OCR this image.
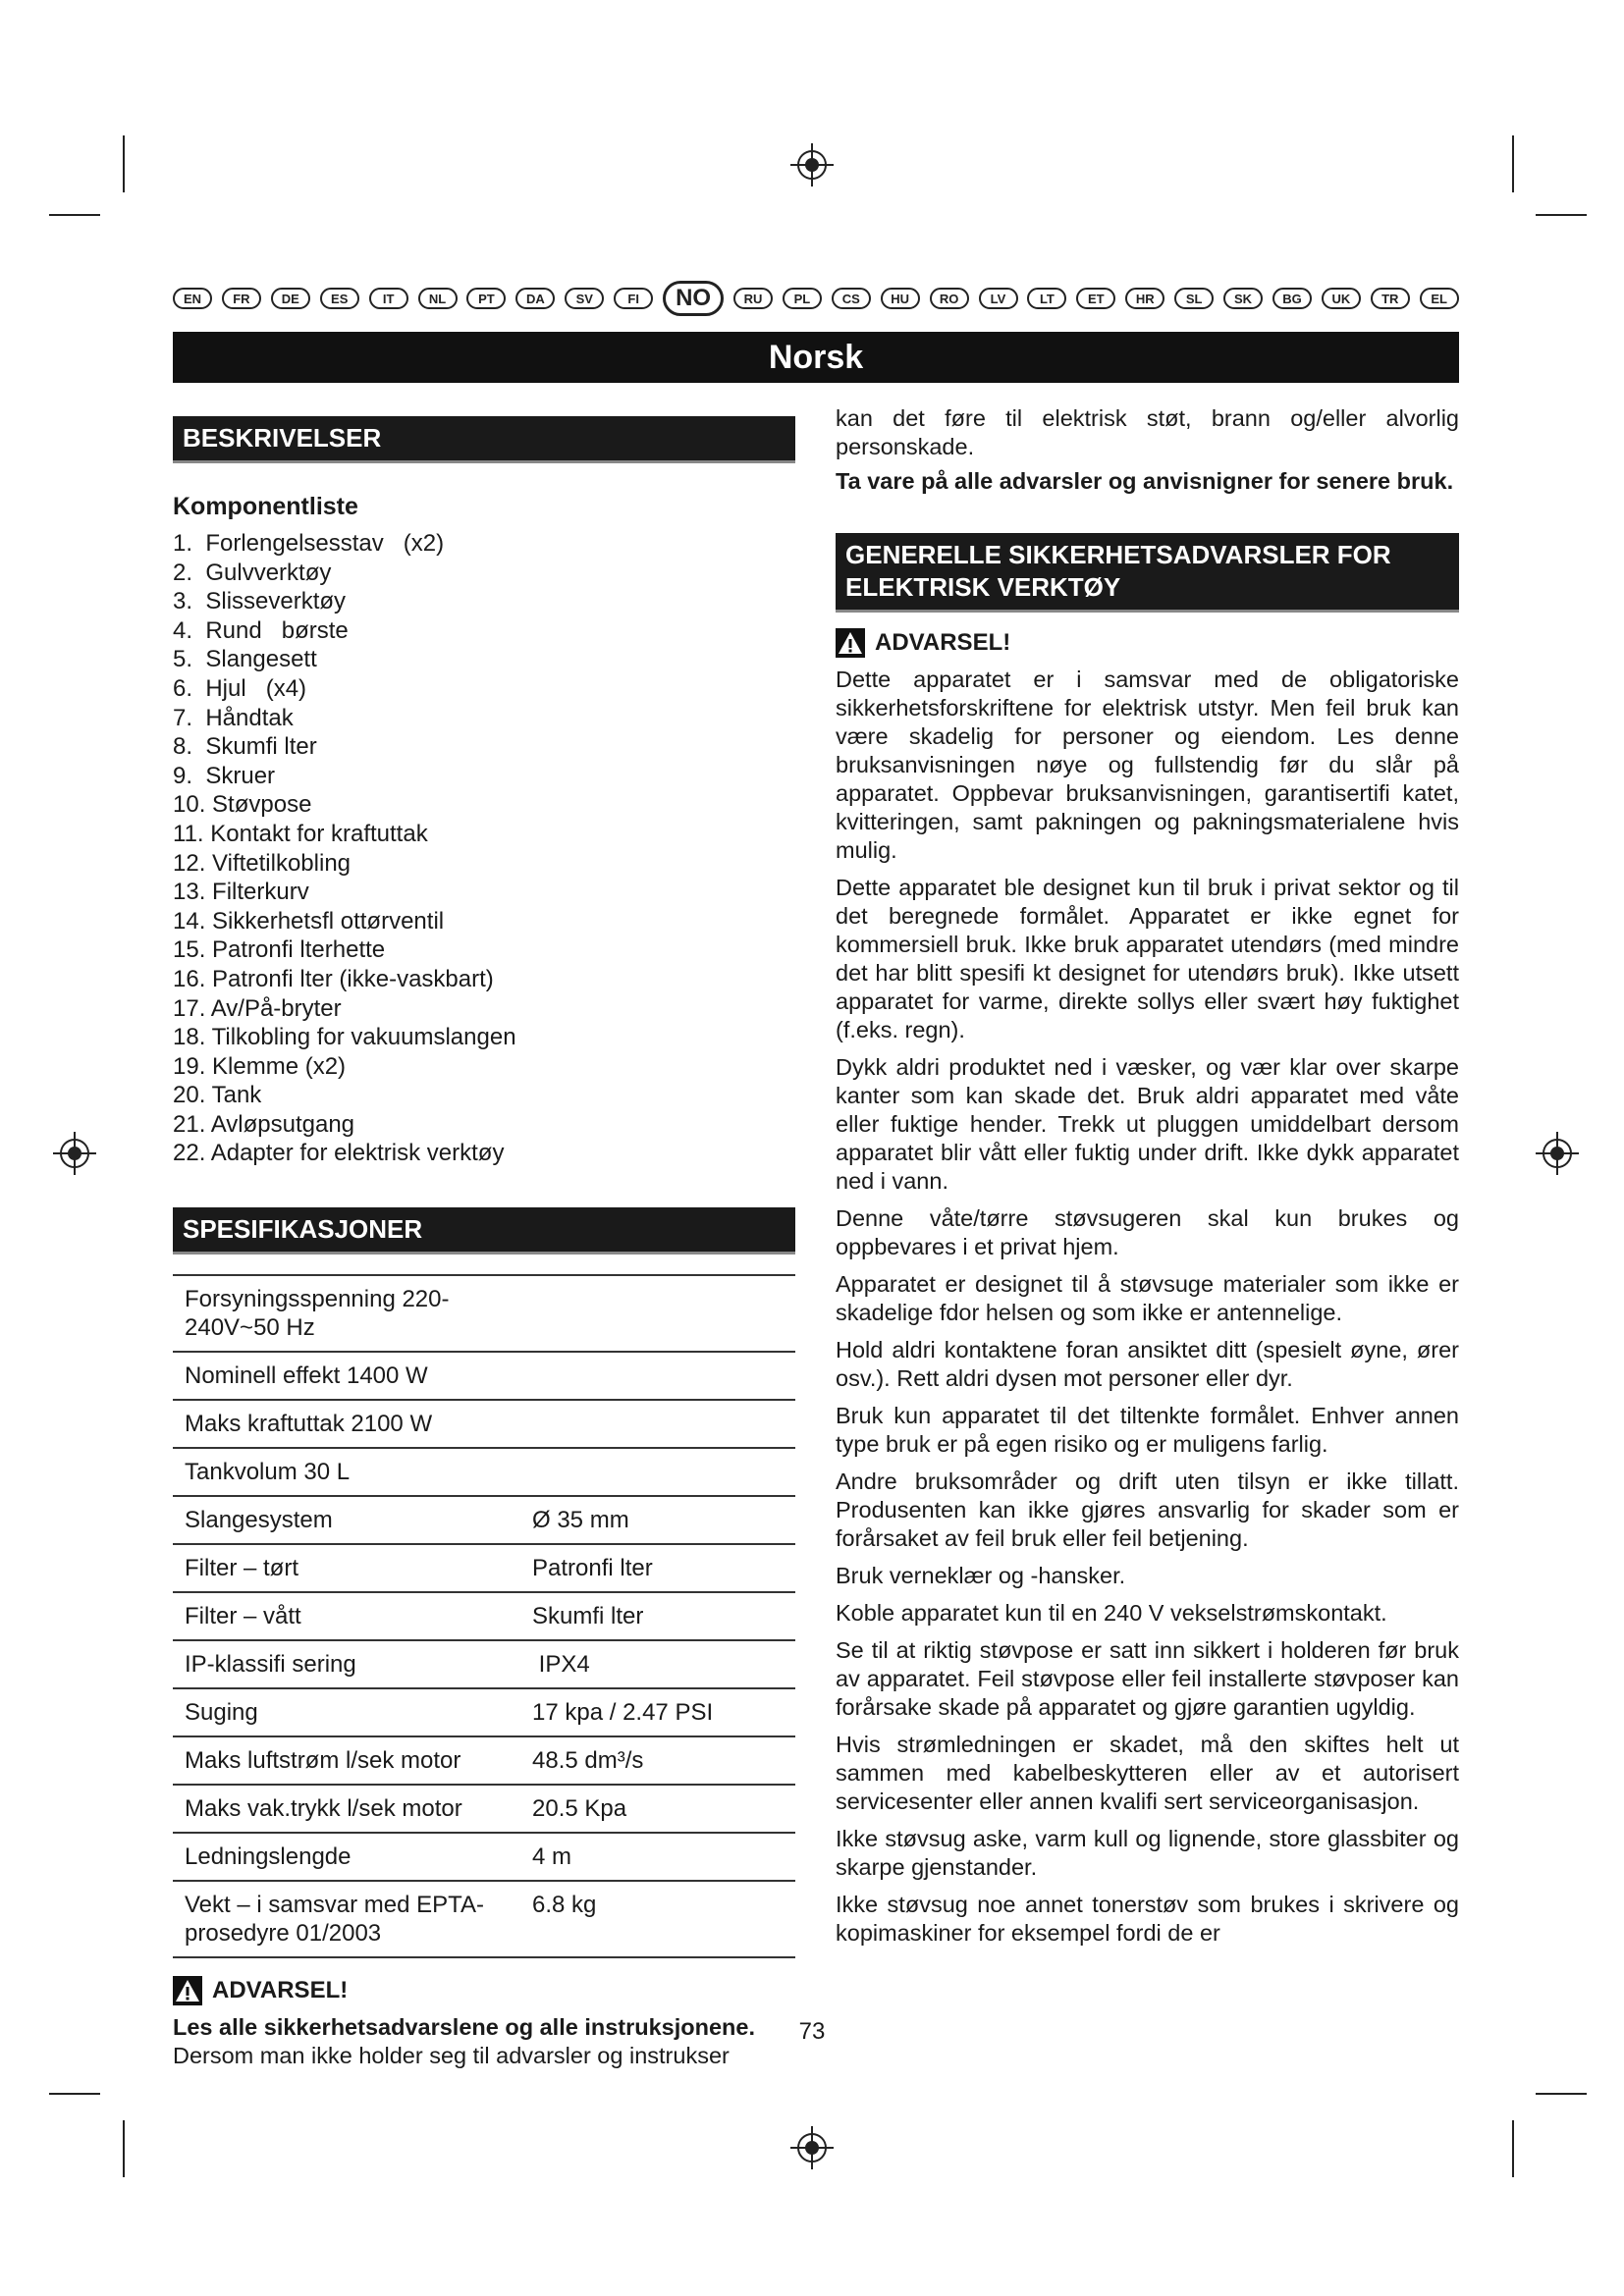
EN	FR	DE	ES	IT	NL	PT	DA	SV	FI	NO	RU	PL	CS	HU	RO	LV	LT	ET	HR	SL	SK	BG	UK	TR	EL
Norsk
BESKRIVELSER
Komponentliste
1.  Forlengelsesstav   (x2)
2.  Gulvverktøy
3.  Slisseverktøy
4.  Rund   børste
5.  Slangesett
6.  Hjul   (x4)
7.  Håndtak
8.  Skumfi lter
9.  Skruer
10. Støvpose
11. Kontakt for kraftuttak
12. Viftetilkobling
13. Filterkurv
14. Sikkerhetsfl ottørventil
15. Patronfi lterhette
16. Patronfi lter (ikke-vaskbart)
17. Av/På-bryter
18. Tilkobling for vakuumslangen
19. Klemme (x2)
20. Tank
21. Avløpsutgang
22. Adapter for elektrisk verktøy
SPESIFIKASJONER
Forsyningsspenning 220-240V~50 Hz	
Nominell effekt 1400 W	
Maks kraftuttak 2100 W	
Tankvolum 30 L	
Slangesystem	Ø 35 mm
Filter – tørt	Patronfi lter
Filter – vått	Skumfi lter
IP-klassifi sering	IPX4
Suging	17 kpa / 2.47 PSI
Maks luftstrøm l/sek motor	48.5 dm³/s
Maks vak.trykk l/sek motor	20.5 Kpa
Ledningslengde	4 m
Vekt – i samsvar med EPTA-prosedyre 01/2003	6.8 kg
ADVARSEL!

Les alle sikkerhetsadvarslene og alle instruksjonene.

Dersom man ikke holder seg til advarsler og instrukser

kan det føre til elektrisk støt, brann og/eller alvorlig personskade.

Ta vare på alle advarsler og anvisnigner for senere bruk.

GENERELLE SIKKERHETSADVARSLER FOR ELEKTRISK VERKTØY
ADVARSEL!

Dette apparatet er i samsvar med de obligatoriske sikkerhetsforskriftene for elektrisk utstyr. Men feil bruk kan være skadelig for personer og eiendom. Les denne bruksanvisningen nøye og fullstendig før du slår på apparatet. Oppbevar bruksanvisningen, garantisertifi katet, kvitteringen, samt pakningen og pakningsmaterialene hvis mulig.

Dette apparatet ble designet kun til bruk i privat sektor og til det beregnede formålet. Apparatet er ikke egnet for kommersiell bruk. Ikke bruk apparatet utendørs (med mindre det har blitt spesifi kt designet for utendørs bruk). Ikke utsett apparatet for varme, direkte sollys eller svært høy fuktighet (f.eks. regn).

Dykk aldri produktet ned i væsker, og vær klar over skarpe kanter som kan skade det. Bruk aldri apparatet med våte eller fuktige hender. Trekk ut pluggen umiddelbart dersom apparatet blir vått eller fuktig under drift. Ikke dykk apparatet ned i vann.

Denne våte/tørre støvsugeren skal kun brukes og oppbevares i et privat hjem.

Apparatet er designet til å støvsuge materialer som ikke er skadelige fdor helsen og som ikke er antennelige.

Hold aldri kontaktene foran ansiktet ditt (spesielt øyne, ører osv.). Rett aldri dysen mot personer eller dyr.

Bruk kun apparatet til det tiltenkte formålet. Enhver annen type bruk er på egen risiko og er muligens farlig.

Andre bruksområder og drift uten tilsyn er ikke tillatt. Produsenten kan ikke gjøres ansvarlig for skader som er forårsaket av feil bruk eller feil betjening.

Bruk verneklær og -hansker.

Koble apparatet kun til en 240 V vekselstrømskontakt.

Se til at riktig støvpose er satt inn sikkert i holderen før bruk av apparatet. Feil støvpose eller feil installerte støvposer kan forårsake skade på apparatet og gjøre garantien ugyldig.

Hvis strømledningen er skadet, må den skiftes helt ut sammen med kabelbeskytteren eller av et autorisert servicesenter eller annen kvalifi sert serviceorganisasjon.

Ikke støvsug aske, varm kull og lignende, store glassbiter og skarpe gjenstander.

Ikke støvsug noe annet tonerstøv som brukes i skrivere og kopimaskiner for eksempel fordi de er

73
